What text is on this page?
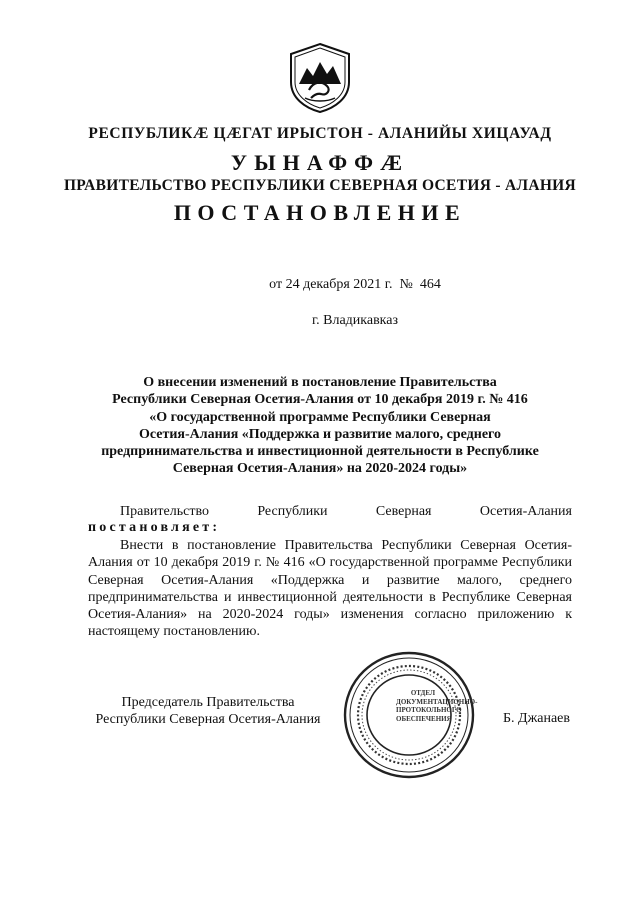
РЕСПУБЛИКӔ ЦӔГАТ ИРЫСТОН - АЛАНИЙЫ ХИЦАУАД
УЫНАФФӔ
ПРАВИТЕЛЬСТВО РЕСПУБЛИКИ СЕВЕРНАЯ ОСЕТИЯ - АЛАНИЯ
ПОСТАНОВЛЕНИЕ
от 24 декабря 2021 г.  №  464
г. Владикавказ
О внесении изменений в постановление Правительства
Республики Северная Осетия-Алания от 10 декабря 2019 г. № 416
«О государственной программе Республики Северная
Осетия-Алания «Поддержка и развитие малого, среднего
предпринимательства и инвестиционной деятельности в Республике
Северная Осетия-Алания» на 2020-2024 годы»
Правительство	Республики	Северная	Осетия-Алания
постановляет:
Внести в постановление Правительства Республики Северная Осетия-Алания от 10 декабря 2019 г. № 416 «О государственной программе Республики Северная Осетия-Алания «Поддержка и развитие малого, среднего предпринимательства и инвестиционной деятельности в Республике Северная Осетия-Алания» на 2020-2024 годы» изменения согласно приложению к настоящему постановлению.
Председатель Правительства
Республики Северная Осетия-Алания	Б. Джанаев
ОТДЕЛ
ДОКУМЕНТАЦИОННО-
ПРОТОКОЛЬНОГО
ОБЕСПЕЧЕНИЯ
